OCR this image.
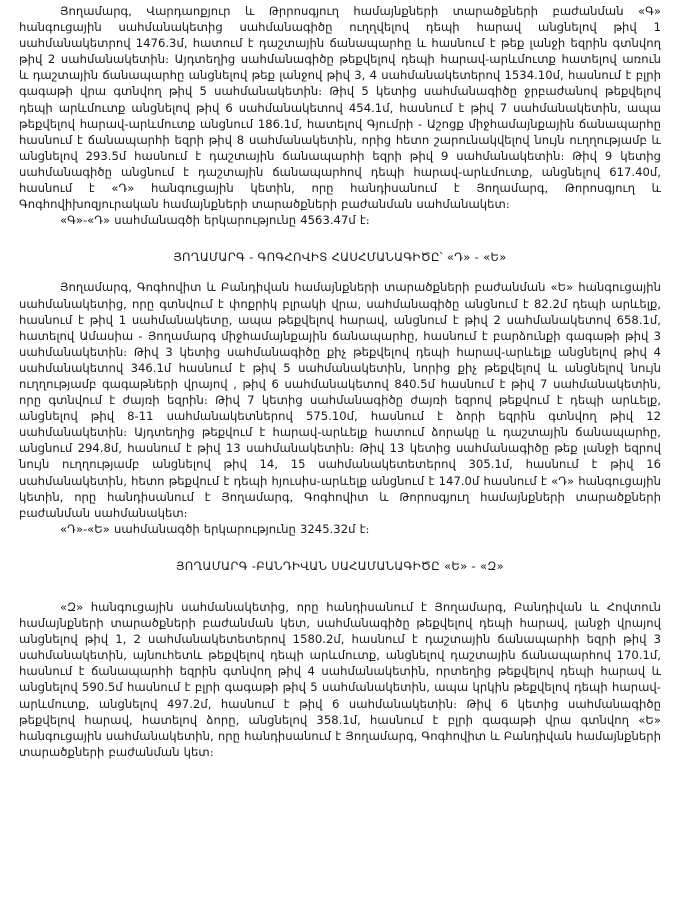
Յողամարգ, Վարդաոքյուր և Թրրոսգյուղ համայնքների տարածքների բաժանման «Գ» հանգուցային սահմանակետից սահմանագիծը ուղղվելով դեպի հարավ անցնելով թիվ 1 սահմանակետրով 1476.3մ, հատում է դաշտային ճանապարհը և հասնում է թեք լանջի եզրին գտնվող թիվ 2 սահմանակետին։ Այդտեղից սահմանագիծը թեքվելով դեպի հարավ-արևմուտք հատելով առուն և դաշտային ճանապարհը անցնելով թեք լանջով թիվ 3, 4 սահմանակետերով 1534.10մ, հասնում է բլրի գագաթի վրա գտնվող թիվ 5 սահմանակետին։ Թիվ 5 կետից սահմանագիծը ջրբաժանով թեքվելով դեպի արևմուտք անցնելով թիվ 6 սահմանակետով 454.1մ, հասնում է թիվ 7 սահմանակետին, ապա թեքվելով հարավ-արևմուտք անցնում 186.1մ, հատելով Գյումրի - Աշոցք միջհամայնքային ճանապարհը հասնում է ճանապարհի եզրի թիվ 8 սահմանակետին, որից հետո շարունակվելով նույն ուղղությամբ և անցնելով 293.5մ հասնում է դաշտային ճանապարհի եզրի թիվ 9 սահմանակետին։ Թիվ 9 կետից սահմանագիծը անցնում է դաշտային ճանապարհով դեպի հարավ-արևմուտք, անցնելով 617.40մ, հասնում է «Դ» հանգուցային կետին, որը հանդիսանում է Յողամարգ, Թորոսգյուղ և Գոգհովիխոզյուրական համայնքների տարածքների բաժանման սահմանակետ։

«Գ»-«Դ» սահմանագծի երկարությունը 4563.47մ է։

ՅՈՂԱՄԱՐԳ - ԳՈԳՀՈՎԻՏ ՀԱՍՀՄԱՆԱԳԻԾԸ՝ «Դ» - «Ե»

Յողամարգ, Գոգհովիտ և Բանդիվան համայնքների տարածքների բաժանման «Ե» հանգուցային սահմանակետից, որը գտնվում է փոքրիկ բլրակի վրա, սահմանագիծը անցնում է 82.2մ դեպի արևելք, հասնում է թիվ 1 սահմանակետը, ապա թեքվելով հարավ, անցնում է թիվ 2 սահմանակետով 658.1մ, հատելով Ամասիա - Յողամարգ միջհամայնքային ճանապարհը, հասնում է բարձունքի գագաթի թիվ 3 սահմանակետին։ Թիվ 3 կետից սահմանագիծը քիչ թեքվելով դեպի հարավ-արևելք անցնելով թիվ 4 սահմանակետով 346.1մ հասնում է թիվ 5 սահմանակետին, նորից քիչ թեքվելով և անցնելով նույն ուղղությամբ գագաթների վրայով , թիվ 6 սահմանակետով 840.5մ հասնում է թիվ 7 սահմանակետին, որը գտնվում է ժայռի եզրին։ Թիվ 7 կետից սահմանագիծը ժայռի եզրով թեքվում է դեպի արևելք, անցնելով թիվ 8-11 սահմանակետներով 575.10մ, հասնում է ձորի եզրին գտնվող թիվ 12 սահմանակետին։ Այդտեղից թեքվում է հարավ-արևելք հատում ձորակը և դաշտային ճանապարհը, անցնում 294.8մ, հասնում է թիվ 13 սահմանակետին։ Թիվ 13 կետից սահմանագիծը թեք լանջի եզրով նույն ուղղությամբ անցնելով թիվ 14, 15 սահմանակետետերով 305.1մ, հասնում է թիվ 16 սահմանակետին, հետո թեքվում է դեպի հյուսիս-արևելք անցնում է 147.0մ հասնում է «Դ» հանգուցային կետին, որը հանդիսանում է Յողամարգ, Գոգհովիտ և Թորոսգյուղ համայնքների տարածքների բաժանման սահմանակետ։

«Դ»-«Ե» սահմանագծի երկարությունը 3245.32մ է։

ՅՈՂԱՄԱՐԳ -ԲԱՆԴԻՎԱՆ ՍԱՀԱՄԱՆԱԳԻԾԸ «Ե» - «Զ»

«Զ» հանգուցային սահմանակետից, որը հանդիսանում է Յողամարգ, Բանդիվան և Հովտուն համայնքների տարածքների բաժանման կետ, սահմանագիծը թեքվելով դեպի հարավ, լանջի վրայով անցնելով թիվ 1, 2 սահմանակետետերով 1580.2մ, հասնում է դաշտային ճանապարհի եզրի թիվ 3 սահմանակետին, այնուհետև թեքվելով դեպի արևմուտք, անցնելով դաշտային ճանապարհով 170.1մ, հասնում է ճանապարհի եզրին գտնվող թիվ 4 սահմանակետին, որտեղից թեքվելով դեպի հարավ և անցնելով 590.5մ հասնում է բլրի գագաթի թիվ 5 սահմանակետին, ապա կրկին թեքվելով դեպի հարավ-արևմուտք, անցնելով 497.2մ, հասնում է թիվ 6 սահմանակետին։ Թիվ 6 կետից սահմանագիծը թեքվելով հարավ, հատելով ձորը, անցնելով 358.1մ, հասնում է բլրի գագաթի վրա գտնվող «Ե» հանգուցային սահմանակետին, որը հանդիսանում է Յողամարգ, Գոգհովիտ և Բանդիվան համայնքների տարածքների բաժանման կետ։
